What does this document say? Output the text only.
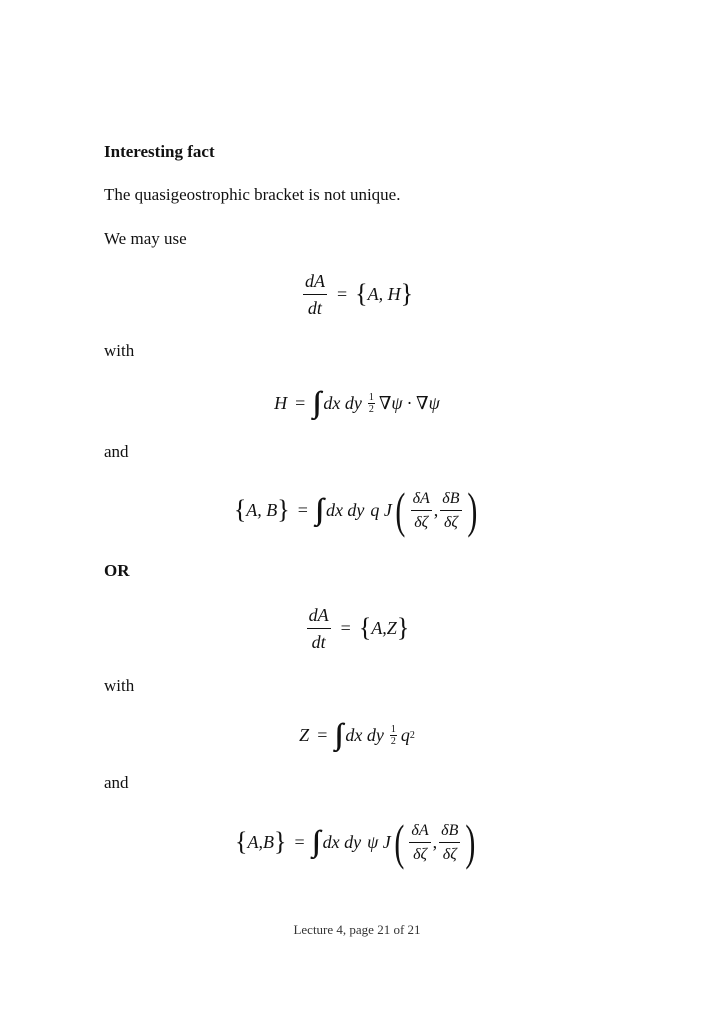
Interesting fact
The quasigeostrophic bracket is not unique.
We may use
$\frac{dA}{dt}$ = { A, H }
with
H = dx dy $\frac{1}{2} \nabla\psi \cdot \nabla\psi$
and
{ A, B } = dx dy q J ( $\frac{\delta A}{\delta\zeta}$ , $\frac{\delta B}{\delta\zeta}$ )
OR
$\frac{dA}{dt}$ = { A,Z }
with
Z = dx dy $\frac{1}{2}$ q 2
and
{ A,B } = dx dy ψ J ( $\frac{\delta A}{\delta\zeta}$ , $\frac{\delta B}{\delta\zeta}$ )
Lecture 4, page 21 of 21
